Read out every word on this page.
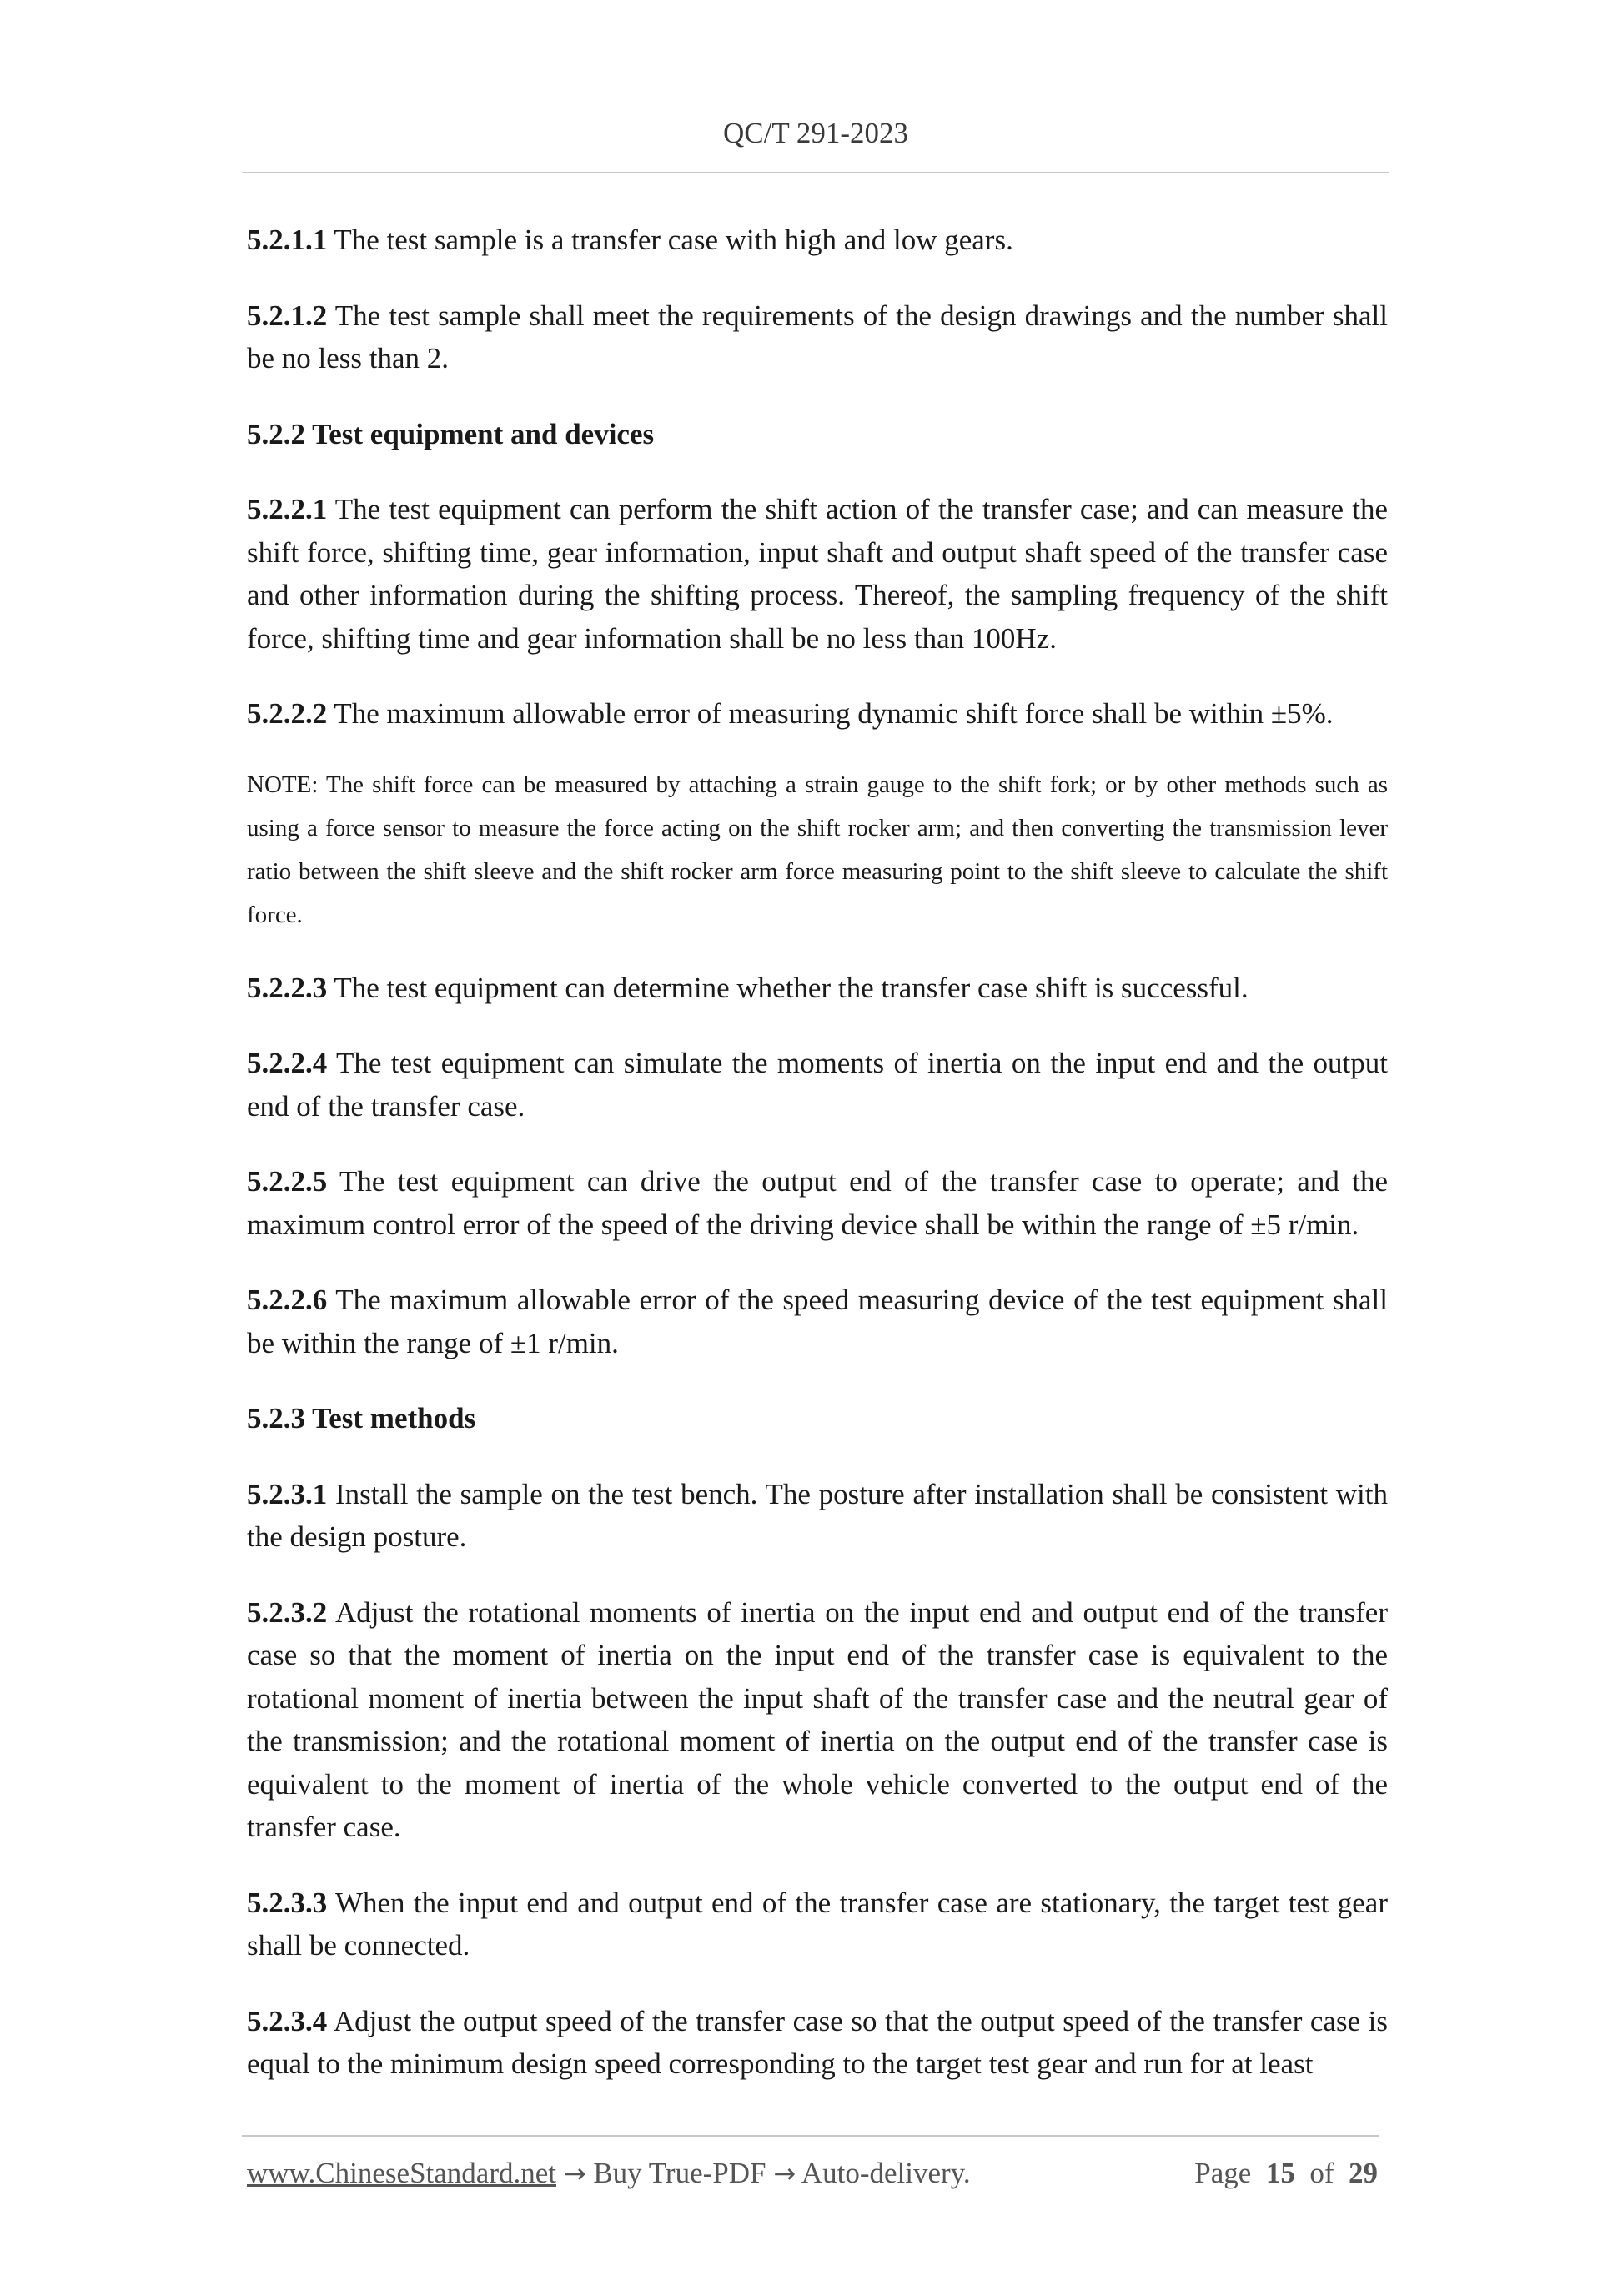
QC/T 291-2023
5.2.1.1 The test sample is a transfer case with high and low gears.
5.2.1.2 The test sample shall meet the requirements of the design drawings and the number shall be no less than 2.
5.2.2 Test equipment and devices
5.2.2.1 The test equipment can perform the shift action of the transfer case; and can measure the shift force, shifting time, gear information, input shaft and output shaft speed of the transfer case and other information during the shifting process. Thereof, the sampling frequency of the shift force, shifting time and gear information shall be no less than 100Hz.
5.2.2.2 The maximum allowable error of measuring dynamic shift force shall be within ±5%.
NOTE: The shift force can be measured by attaching a strain gauge to the shift fork; or by other methods such as using a force sensor to measure the force acting on the shift rocker arm; and then converting the transmission lever ratio between the shift sleeve and the shift rocker arm force measuring point to the shift sleeve to calculate the shift force.
5.2.2.3 The test equipment can determine whether the transfer case shift is successful.
5.2.2.4 The test equipment can simulate the moments of inertia on the input end and the output end of the transfer case.
5.2.2.5 The test equipment can drive the output end of the transfer case to operate; and the maximum control error of the speed of the driving device shall be within the range of ±5 r/min.
5.2.2.6 The maximum allowable error of the speed measuring device of the test equipment shall be within the range of ±1 r/min.
5.2.3 Test methods
5.2.3.1 Install the sample on the test bench. The posture after installation shall be consistent with the design posture.
5.2.3.2 Adjust the rotational moments of inertia on the input end and output end of the transfer case so that the moment of inertia on the input end of the transfer case is equivalent to the rotational moment of inertia between the input shaft of the transfer case and the neutral gear of the transmission; and the rotational moment of inertia on the output end of the transfer case is equivalent to the moment of inertia of the whole vehicle converted to the output end of the transfer case.
5.2.3.3 When the input end and output end of the transfer case are stationary, the target test gear shall be connected.
5.2.3.4 Adjust the output speed of the transfer case so that the output speed of the transfer case is equal to the minimum design speed corresponding to the target test gear and run for at least
www.ChineseStandard.net → Buy True-PDF → Auto-delivery.	Page 15 of 29
